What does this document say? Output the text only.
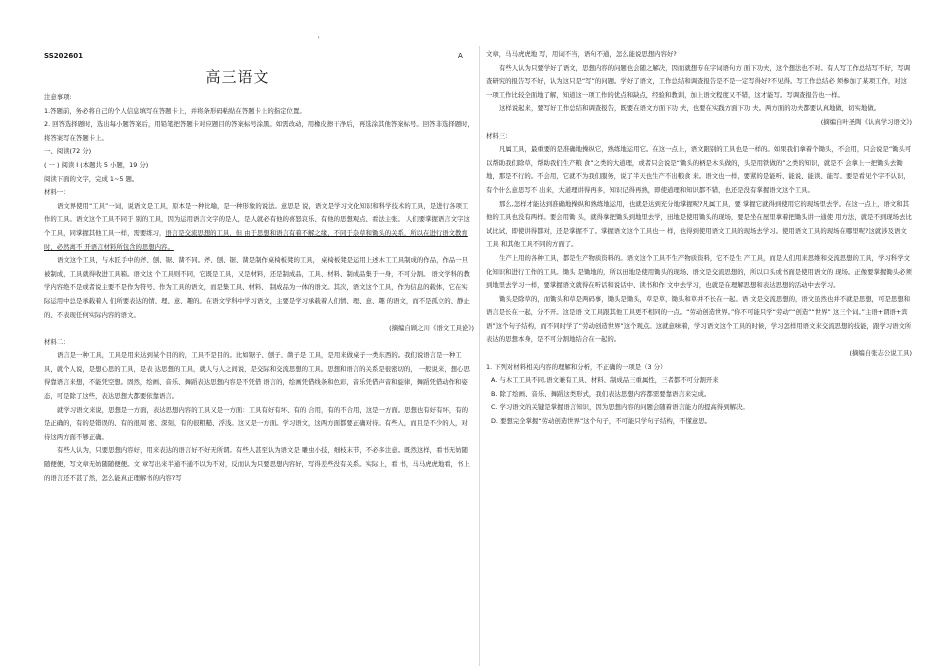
'
SS202601	A
高三语文

注意事项:

1.答题前，务必将自己的个人信息填写在答题卡上，并将条形码粘贴在答题卡上的指定位置。

2. 回答选择题时，选出每小题答案后，用铅笔把答题卡对应题目的答案标号涂黑。如需改动，用橡皮擦干净后，再选涂其他答案标号。回答非选择题时，将答案写在答题卡上。

一、阅读(72 分)

( 一 ) 阅读 I (本题共 5 小题，19 分)

阅读下面的文字，完成 1~5 题。

材料一：

语文界使用“工具”一词，说语文是工具，原本是一种比喻，是一种形象的说法。意思是 说，语文是学习文化知识和科学技术的工具，是进行各项工作的工具。语文这个工具不同于 别的工具，因为运用语言文字的是人，是人就必有他的喜怒哀乐、有他的思想观点、看法主张。 人们要掌握语言文字这个工具，同掌握其他工具一样，需要练习，语言是交流思想的工具，但 由于思想和语言有着不解之缘，不同于杂草和锄头的关系，所以在进行语文教育时，必然离不 开语言材料所包含的思想内容。

语文这个工具，与木匠手中的斧、刨、锯、凿不同。斧、刨、锯、凿是制作桌椅板凳的工具， 桌椅板凳是运用上述木工工具制成的作品，作品一旦被制成，工具就得收进工具箱。语文这 个工具则不同，它既是工具，又是材料，还是制成品，工具、材料、制成品集于一身，不可分割。 语文学科的教学内容绝不是或者说主要不是作为符号、作为工具的语文，而是集工具、材料、 制成品为一体的语文。其次，语文这个工具，作为信息的载体，它在实际运用中总是承载着人 们所要表达的情、理、意、趣的。在语文学科中学习语文，主要是学习承载着人们情、理、意、趣 的语文，而不是孤立的、静止的、不表现任何实际内容的语文。

(摘编自顾之川《语文工具论》)

材料二：

语言是一种工具，工具是用来达到某个目的的，工具不是目的。比如锯子、刨子、凿子是 工具，是用来做桌子一类东西的。我们说语言是一种工具，就个人说，是想心思的工具，是表 达思想的工具，就人与人之间说，是交际和交流思想的工具。思想和语言的关系是很密切的， 一般说来，想心思得靠语言来想，不能凭空想。固然，绘画、音乐、舞蹈表达思想内容是不凭借 语言的，绘画凭借线条和色彩，音乐凭借声音和旋律，舞蹈凭借动作和姿态，可是除了这些，表达思想大都要依靠语言。

就学习语文来说，思想是一方面，表达思想内容的工具又是一方面：工具有好有坏、有的 合用，有的不合用，这是一方面。思想也有好有坏，有的是正确的，有的是错误的、有的很周 密、深刻，有的很粗糙、浮浅。这又是一方面。学习语文，这两方面都要正确对待。有些人，而且是不少的人，对待这两方面不够正确。

有些人认为，只要思想内容好，用来表达的语言好不好无所谓。有些人甚至认为语文是 雕虫小技，细枝末节，不必多注意。既然这样，看书无妨随随便便，写文章无妨随随便便。文 章写出来半通不通不以为不对，反而认为只要思想内容好，写得差些没有关系。实际上，看 书，马马虎虎地看，书上的语言还不甚了然，怎么能真正理解书的内容?写

文章，马马虎虎地 写，用词不当，语句不通，怎么能说思想内容好?

有些人认为只要学好了语文，思想内容的问题也会随之解决，因而就想专在字词语句方 面下功夫，这个想法也不对。有人写工作总结写不好，写调查研究的报告写不好，认为这只是“写”的问题。学好了语文，工作总结和调查报告是不是一定写得好?不见得。写工作总结必 须参加了某项工作，对这一项工作比较全面地了解，知道这一项工作的优点和缺点，经验和教训，加上语文程度又不错，这才能写。写调查报告也一样。

这样说起来，要写好工作总结和调查报告，既要在语文方面下功 夫，也要在实践方面下功 夫。两方面的功夫都要认真地做，切实地做。

(摘编自叶圣陶《认真学习语文》)

材料三：

凡属工具，最重要的是准确地操纵它，熟练地运用它。在这一点上，语文跟别的工具也是一样的。如果我们拿着个锄头，不会用，只会说是“锄头可以帮助我们除草，帮助我们生产粮 食”之类的大道理，或者只会说是“锄头的柄是木头做的，头是用铁做的”之类的知识，就是不 会拿上一把锄头去锄地，那是不行的。不会用，它就不为我们服务，说了半天也生产不出粮食 来。语文也一样，要紧的是能听、能说、能读、能写。要是看见个字不认识，有个什么意思写不 出来，大道理讲得再多，知识记得再熟，即使道理和知识都不错，也还是没有掌握语文这个工具。

那么,怎样才能达到准确地操纵和熟练地运用，也就是达到充分地掌握呢?凡属工具，要 掌握它就得到使用它的现场里去学。在这一点上，语文和其他的工具也没有两样。要会用锄 头，就得拿把锄头到地里去学，田地是使用锄头的现场，要是坐在屋里拿着把锄头讲一通使 用方法，就是不到现场去比试比试，即使讲得都对，还是掌握不了。掌握语文这个工具也一 样，也得到使用语文工具的现场去学习。使用语文工具的现场在哪里呢?这就涉及语文工具 和其他工具不同的方面了。

生产上用的各种工具，都是生产物质资料的。语文这个工具不生产物质资料，它不是生 产工具，而是人们用来思维和交流思想的工具，学习科学文化知识和进行工作的工具。锄头 是锄地的，所以田地是使用锄头的现场、语文是交流思想的，所以口头或书面是使用语文的 现场。正像要掌握锄头必须到地里去学习一样，要掌握语文就得在听话和说话中、读书和作 文中去学习，也就是在理解思想和表达思想的活动中去学习。

锄头是除草的，而锄头和草是两码事，锄头是锄头，草是草，锄头和草并不长在一起。语 文是交流思想的，语文虽然也并不就是思想，可是思想和语言是长在一起，分不开。这是语 文工具跟其他工具更不相同的一点。“劳动创造世界。”你不可能只学“劳动”“创造”“世界” 这三个词。”主语+谓语+宾语”这个句子结构，而不同时学了“劳动创造世界”这个观点。这就意味着，学习语文这个工具的时候，学习怎样用语文来交流思想的技能，跟学习语文所表达的思想本身，是不可分割地结合在一起的。

(摘编自张志公说工具)

1. 下列对材料相关内容的理解和分析，不正确的一项是（3 分）

A. 与木工工具不同,语文兼有工具、材料、制成品三重属性，三者都不可分割开来

B. 除了绘画、音乐、舞蹈这类形式，我们表达思想内容都需要靠语言来完成。

C. 学习语文的关键是掌握语言知识，因为思想内容的问题会随着语言能力的提高得到解决。

D. 要想完全掌握“劳动创造世界”这个句子，不可能只学句子结构，不懂意思。
